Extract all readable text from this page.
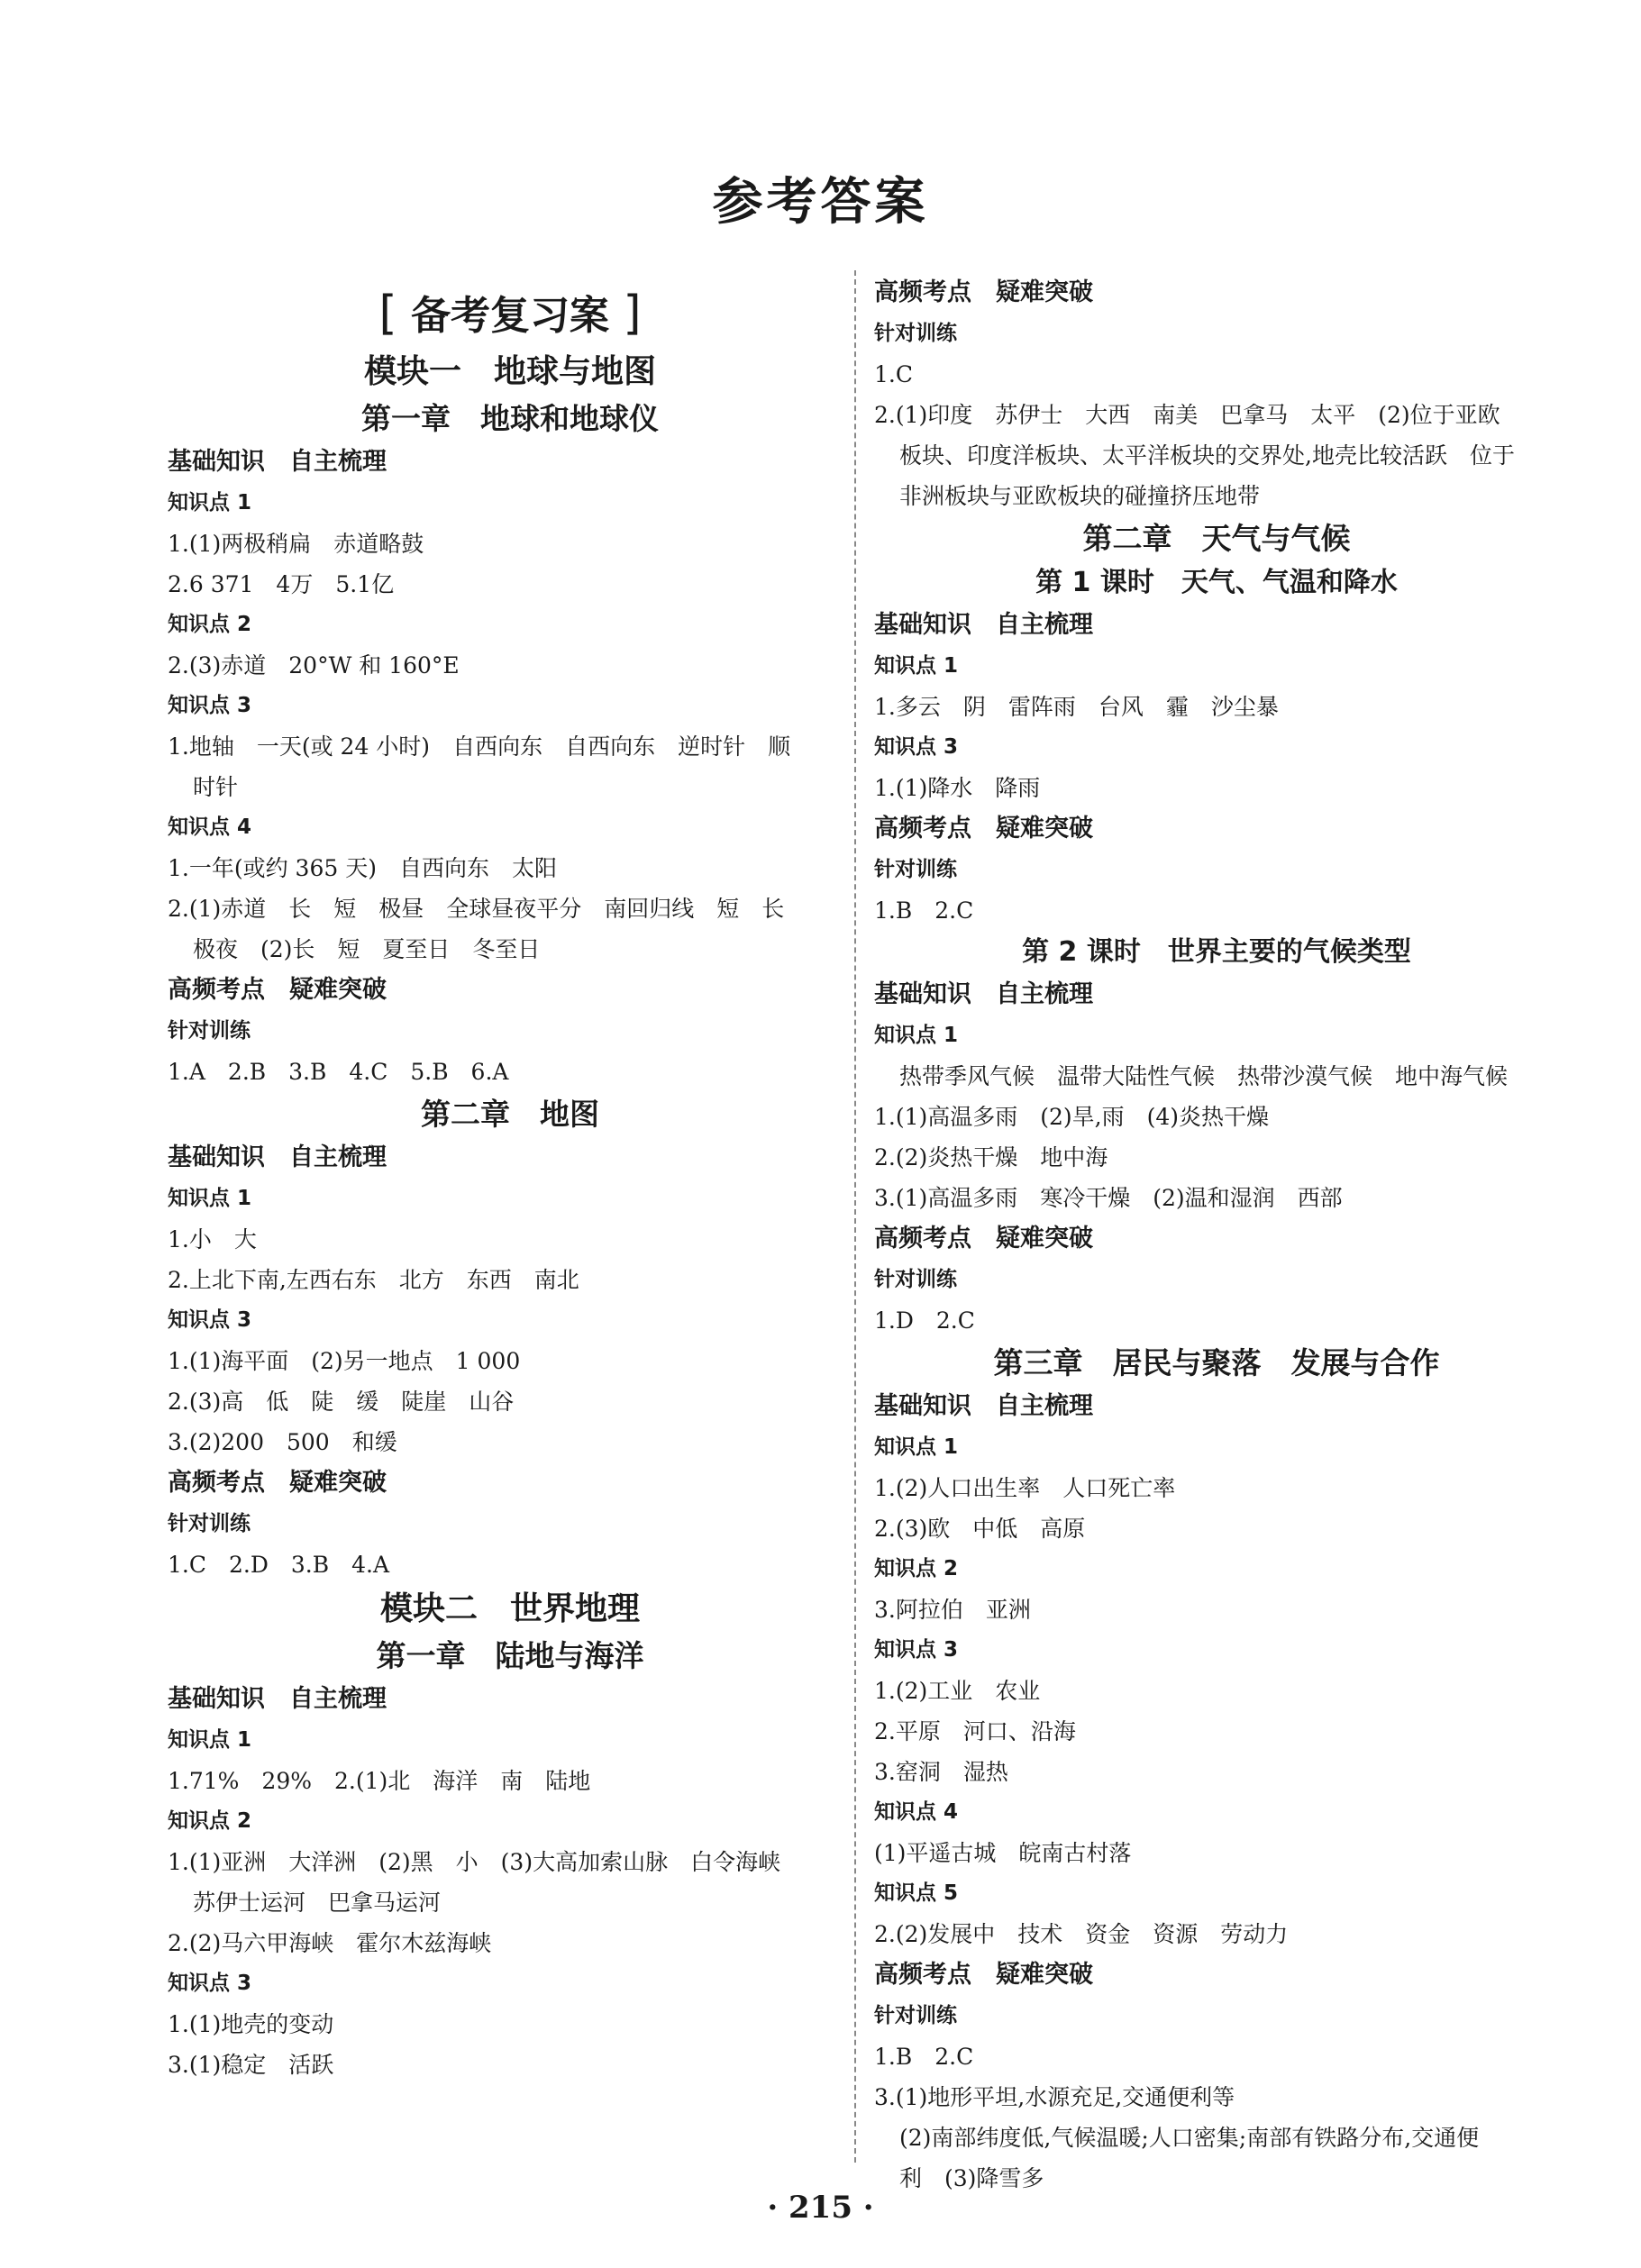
参考答案
[ 备考复习案 ]
模块一　地球与地图
第一章　地球和地球仪
基础知识　自主梳理
知识点 1
1.(1)两极稍扁　赤道略鼓
2.6 371　4万　5.1亿
知识点 2
2.(3)赤道　20°W 和 160°E
知识点 3
1.地轴　一天(或 24 小时)　自西向东　自西向东　逆时针　顺
时针
知识点 4
1.一年(或约 365 天)　自西向东　太阳
2.(1)赤道　长　短　极昼　全球昼夜平分　南回归线　短　长
极夜　(2)长　短　夏至日　冬至日
高频考点　疑难突破
针对训练
1.A　2.B　3.B　4.C　5.B　6.A
第二章　地图
基础知识　自主梳理
知识点 1
1.小　大
2.上北下南,左西右东　北方　东西　南北
知识点 3
1.(1)海平面　(2)另一地点　1 000
2.(3)高　低　陡　缓　陡崖　山谷
3.(2)200　500　和缓
高频考点　疑难突破
针对训练
1.C　2.D　3.B　4.A
模块二　世界地理
第一章　陆地与海洋
基础知识　自主梳理
知识点 1
1.71%　29%　2.(1)北　海洋　南　陆地
知识点 2
1.(1)亚洲　大洋洲　(2)黑　小　(3)大高加索山脉　白令海峡
苏伊士运河　巴拿马运河
2.(2)马六甲海峡　霍尔木兹海峡
知识点 3
1.(1)地壳的变动
3.(1)稳定　活跃
高频考点　疑难突破
针对训练
1.C
2.(1)印度　苏伊士　大西　南美　巴拿马　太平　(2)位于亚欧
板块、印度洋板块、太平洋板块的交界处,地壳比较活跃　位于
非洲板块与亚欧板块的碰撞挤压地带
第二章　天气与气候
第 1 课时　天气、气温和降水
基础知识　自主梳理
知识点 1
1.多云　阴　雷阵雨　台风　霾　沙尘暴
知识点 3
1.(1)降水　降雨
高频考点　疑难突破
针对训练
1.B　2.C
第 2 课时　世界主要的气候类型
基础知识　自主梳理
知识点 1
热带季风气候　温带大陆性气候　热带沙漠气候　地中海气候
1.(1)高温多雨　(2)旱,雨　(4)炎热干燥
2.(2)炎热干燥　地中海
3.(1)高温多雨　寒冷干燥　(2)温和湿润　西部
高频考点　疑难突破
针对训练
1.D　2.C
第三章　居民与聚落　发展与合作
基础知识　自主梳理
知识点 1
1.(2)人口出生率　人口死亡率
2.(3)欧　中低　高原
知识点 2
3.阿拉伯　亚洲
知识点 3
1.(2)工业　农业
2.平原　河口、沿海
3.窑洞　湿热
知识点 4
(1)平遥古城　皖南古村落
知识点 5
2.(2)发展中　技术　资金　资源　劳动力
高频考点　疑难突破
针对训练
1.B　2.C
3.(1)地形平坦,水源充足,交通便利等
(2)南部纬度低,气候温暖;人口密集;南部有铁路分布,交通便
利　(3)降雪多
· 215 ·
